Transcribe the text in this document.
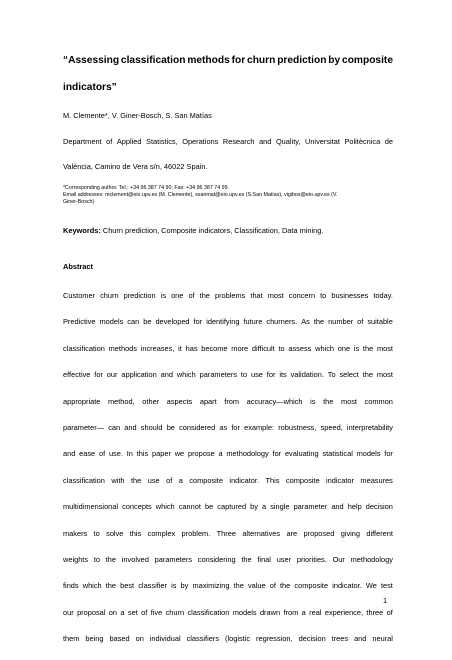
“Assessing classification methods for churn prediction by composite
indicators”
M. Clemente*, V. Giner-Bosch, S. San Matías
Department of Applied Statistics, Operations Research and Quality, Universitat Politècnica de
València, Camino de Vera s/n, 46022 Spain.
*Corresponding author. Tel.: +34 96 387 74 90; Fax: +34 96 387 74 99.
Email addresses: mclement@eio.upv.es (M. Clemente), ssanmat@eio.upv.es (S.San Matías), vigibos@eio.upv.es (V.
Giner-Bosch)
Keywords: Churn prediction, Composite indicators, Classification, Data mining.
Abstract
Customer churn prediction is one of the problems that most concern to businesses today.
Predictive models can be developed for identifying future churners. As the number of suitable
classification methods increases, it has become more difficult to assess which one is the most
effective for our application and which parameters to use for its validation. To select the most
appropriate method, other aspects apart from accuracy—which is the most common
parameter— can and should be considered as for example: robustness, speed, interpretability
and ease of use. In this paper we propose a methodology for evaluating statistical models for
classification with the use of a composite indicator. This composite indicator measures
multidimensional concepts which cannot be captured by a single parameter and help decision
makers to solve this complex problem. Three alternatives are proposed giving different
weights to the involved parameters considering the final user priorities. Our methodology
finds which the best classifier is by maximizing the value of the composite indicator. We test
our proposal on a set of five churn classification models drawn from a real experience, three of
them being based on individual classifiers (logistic regression, decision trees and neural
1
